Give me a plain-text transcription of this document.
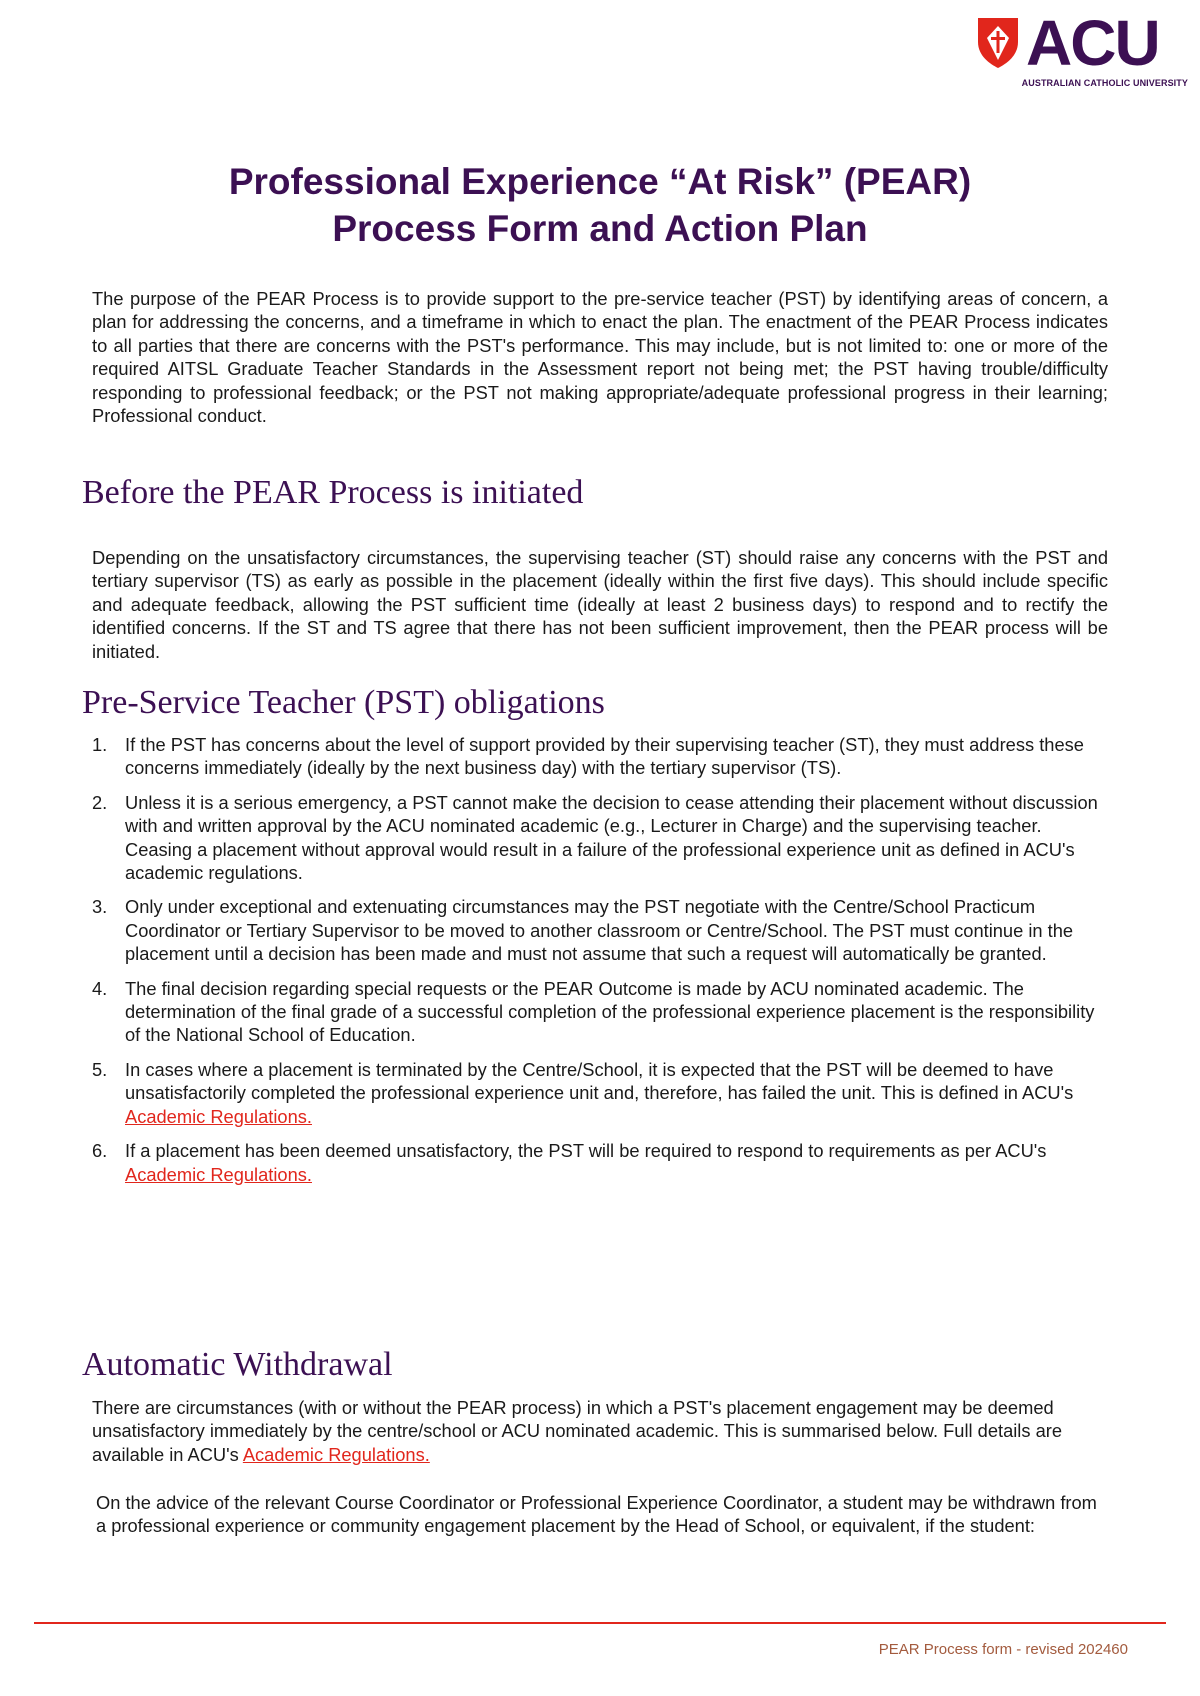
ACU
AUSTRALIAN CATHOLIC UNIVERSITY
Professional Experience “At Risk” (PEAR)
Process Form and Action Plan

The purpose of the PEAR Process is to provide support to the pre-service teacher (PST) by identifying areas of concern, a plan for addressing the concerns, and a timeframe in which to enact the plan. The enactment of the PEAR Process indicates to all parties that there are concerns with the PST's performance. This may include, but is not limited to: one or more of the required AITSL Graduate Teacher Standards in the Assessment report not being met; the PST having trouble/difficulty responding to professional feedback; or the PST not making appropriate/adequate professional progress in their learning; Professional conduct.

Before the PEAR Process is initiated

Depending on the unsatisfactory circumstances, the supervising teacher (ST) should raise any concerns with the PST and tertiary supervisor (TS) as early as possible in the placement (ideally within the first five days). This should include specific and adequate feedback, allowing the PST sufficient time (ideally at least 2 business days) to respond and to rectify the identified concerns. If the ST and TS agree that there has not been sufficient improvement, then the PEAR process will be initiated.

Pre-Service Teacher (PST) obligations
1. If the PST has concerns about the level of support provided by their supervising teacher (ST), they must address these concerns immediately (ideally by the next business day) with the tertiary supervisor (TS).
2. Unless it is a serious emergency, a PST cannot make the decision to cease attending their placement without discussion with and written approval by the ACU nominated academic (e.g., Lecturer in Charge) and the supervising teacher. Ceasing a placement without approval would result in a failure of the professional experience unit as defined in ACU's academic regulations.
3. Only under exceptional and extenuating circumstances may the PST negotiate with the Centre/School Practicum Coordinator or Tertiary Supervisor to be moved to another classroom or Centre/School. The PST must continue in the placement until a decision has been made and must not assume that such a request will automatically be granted.
4. The final decision regarding special requests or the PEAR Outcome is made by ACU nominated academic. The determination of the final grade of a successful completion of the professional experience placement is the responsibility of the National School of Education.
5. In cases where a placement is terminated by the Centre/School, it is expected that the PST will be deemed to have unsatisfactorily completed the professional experience unit and, therefore, has failed the unit. This is defined in ACU's Academic Regulations.
6. If a placement has been deemed unsatisfactory, the PST will be required to respond to requirements as per ACU's Academic Regulations.
Automatic Withdrawal

There are circumstances (with or without the PEAR process) in which a PST's placement engagement may be deemed unsatisfactory immediately by the centre/school or ACU nominated academic. This is summarised below. Full details are available in ACU's Academic Regulations.

On the advice of the relevant Course Coordinator or Professional Experience Coordinator, a student may be withdrawn from a professional experience or community engagement placement by the Head of School, or equivalent, if the student:

PEAR Process form - revised 202460
